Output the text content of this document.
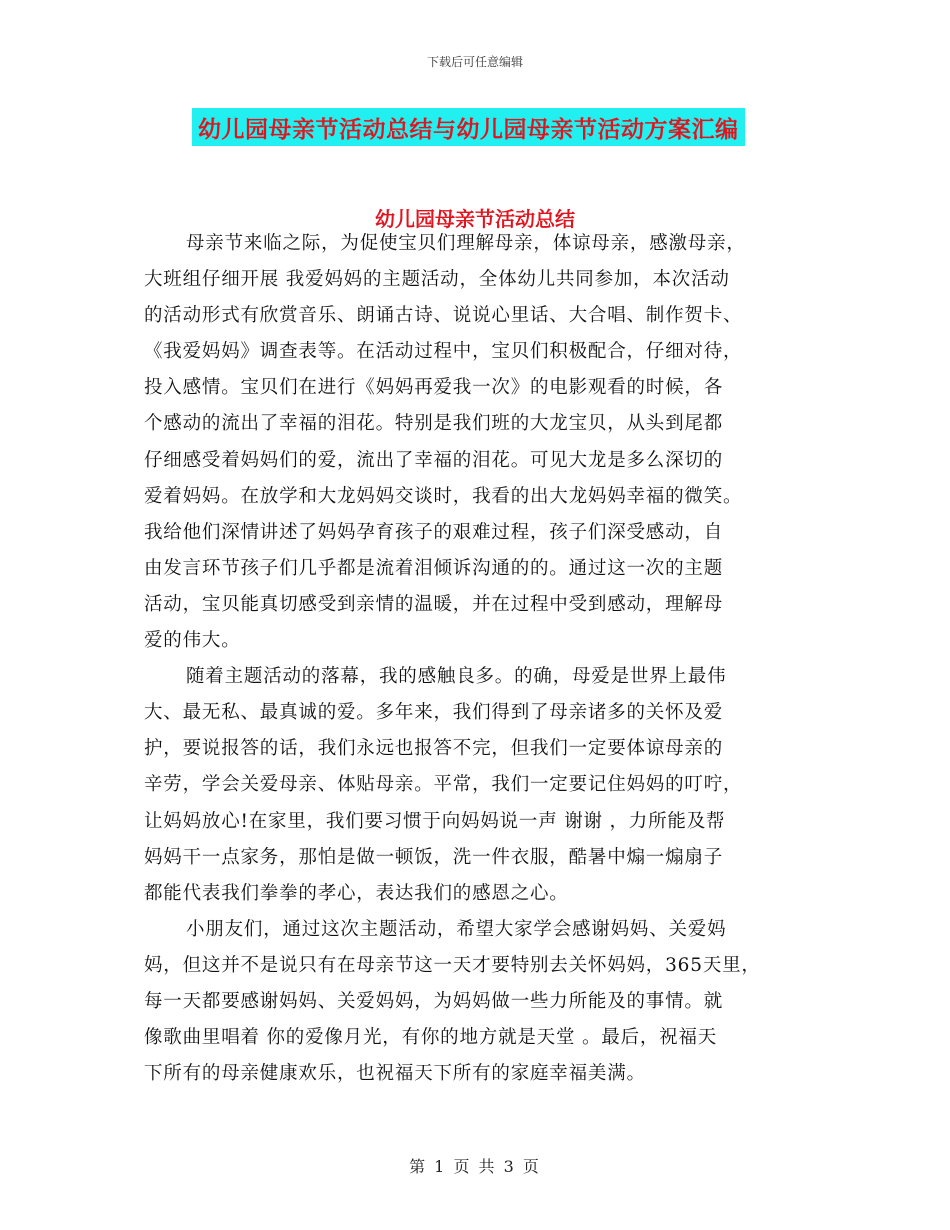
下载后可任意编辑
幼儿园母亲节活动总结与幼儿园母亲节活动方案汇编
幼儿园母亲节活动总结
母亲节来临之际，为促使宝贝们理解母亲，体谅母亲，感激母亲，
大班组仔细开展 我爱妈妈的主题活动，全体幼儿共同参加，本次活动
的活动形式有欣赏音乐、朗诵古诗、说说心里话、大合唱、制作贺卡、
《我爱妈妈》调查表等。在活动过程中，宝贝们积极配合，仔细对待，
投入感情。宝贝们在进行《妈妈再爱我一次》的电影观看的时候，各
个感动的流出了幸福的泪花。特别是我们班的大龙宝贝，从头到尾都
仔细感受着妈妈们的爱，流出了幸福的泪花。可见大龙是多么深切的
爱着妈妈。在放学和大龙妈妈交谈时，我看的出大龙妈妈幸福的微笑。
我给他们深情讲述了妈妈孕育孩子的艰难过程，孩子们深受感动，自
由发言环节孩子们几乎都是流着泪倾诉沟通的的。通过这一次的主题
活动，宝贝能真切感受到亲情的温暖，并在过程中受到感动，理解母
爱的伟大。
随着主题活动的落幕，我的感触良多。的确，母爱是世界上最伟
大、最无私、最真诚的爱。多年来，我们得到了母亲诸多的关怀及爱
护，要说报答的话，我们永远也报答不完，但我们一定要体谅母亲的
辛劳，学会关爱母亲、体贴母亲。平常，我们一定要记住妈妈的叮咛，
让妈妈放心!在家里，我们要习惯于向妈妈说一声 谢谢 ，力所能及帮
妈妈干一点家务，那怕是做一顿饭，洗一件衣服，酷暑中煽一煽扇子
都能代表我们拳拳的孝心，表达我们的感恩之心。
小朋友们，通过这次主题活动，希望大家学会感谢妈妈、关爱妈
妈，但这并不是说只有在母亲节这一天才要特别去关怀妈妈，365天里，
每一天都要感谢妈妈、关爱妈妈，为妈妈做一些力所能及的事情。就
像歌曲里唱着 你的爱像月光，有你的地方就是天堂 。最后，祝福天
下所有的母亲健康欢乐，也祝福天下所有的家庭幸福美满。
第 1 页 共 3 页
